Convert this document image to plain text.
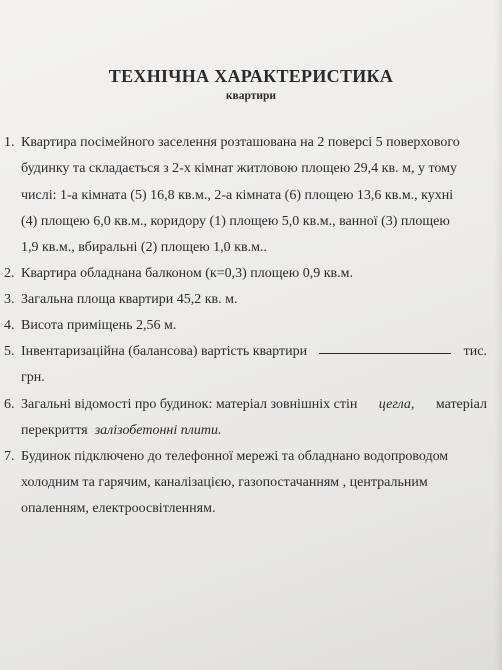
ТЕХНІЧНА ХАРАКТЕРИСТИКА
квартири
1. Квартира посімейного заселення розташована на 2 поверсі 5 поверхового
будинку та складається з 2-х кімнат житловою площею 29,4 кв. м, у тому
числі: 1-а кімната (5) 16,8 кв.м., 2-а кімната (6) площею 13,6 кв.м., кухні
(4) площею 6,0 кв.м., коридору (1) площею 5,0 кв.м., ванної (3) площею
1,9 кв.м., вбиральні (2) площею 1,0 кв.м..
2. Квартира обладнана балконом (к=0,3) площею 0,9 кв.м.
3. Загальна площа квартири 45,2 кв. м.
4. Висота приміщень 2,56 м.
5. Інвентаризаційна (балансова) вартість квартири	тис.
грн.
6. Загальні відомості про будинок: матеріал зовнішніх стін цегла, матеріал
перекриття залізобетонні плити.
7. Будинок підключено до телефонної мережі та обладнано водопроводом
холодним та гарячим, каналізацією, газопостачанням , центральним
опаленням, електроосвітленням.
